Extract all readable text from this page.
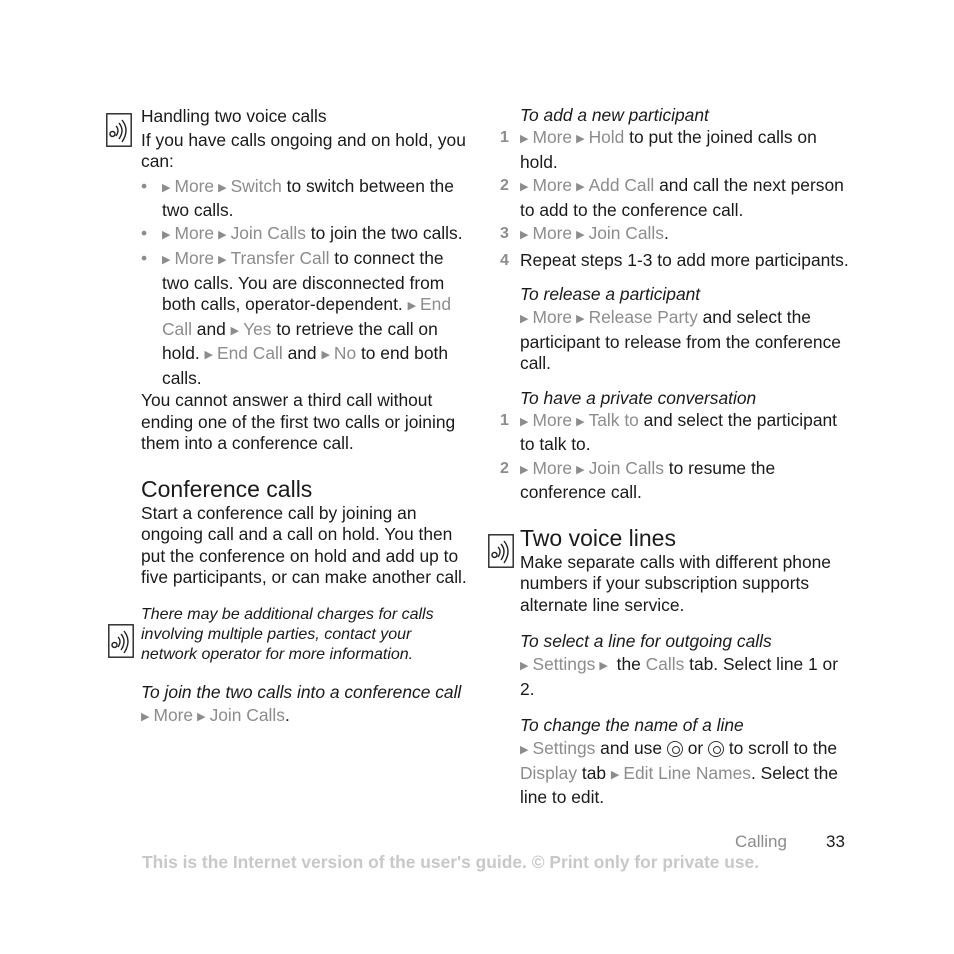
Handling two voice calls

If you have calls ongoing and on hold, you can:

• ▶ More ▶ Switch to switch between the two calls.
• ▶ More ▶ Join Calls to join the two calls.
• ▶ More ▶ Transfer Call to connect the two calls. You are disconnected from both calls, operator-dependent. ▶ End Call and ▶ Yes to retrieve the call on hold. ▶ End Call and ▶ No to end both calls.

You cannot answer a third call without ending one of the first two calls or joining them into a conference call.

Conference calls

Start a conference call by joining an ongoing call and a call on hold. You then put the conference on hold and add up to five participants, or can make another call.

There may be additional charges for calls involving multiple parties, contact your network operator for more information.

To join the two calls into a conference call

▶ More ▶ Join Calls.

To add a new participant

1 ▶ More ▶ Hold to put the joined calls on hold.
2 ▶ More ▶ Add Call and call the next person to add to the conference call.
3 ▶ More ▶ Join Calls.
4 Repeat steps 1-3 to add more participants.

To release a participant

▶ More ▶ Release Party and select the participant to release from the conference call.

To have a private conversation

1 ▶ More ▶ Talk to and select the participant to talk to.
2 ▶ More ▶ Join Calls to resume the conference call.
Two voice lines

Make separate calls with different phone numbers if your subscription supports alternate line service.

To select a line for outgoing calls

▶ Settings ▶ the Calls tab. Select line 1 or 2.

To change the name of a line

▶ Settings and use  or  to scroll to the Display tab ▶ Edit Line Names. Select the line to edit.

Calling 33
This is the Internet version of the user's guide. © Print only for private use.
